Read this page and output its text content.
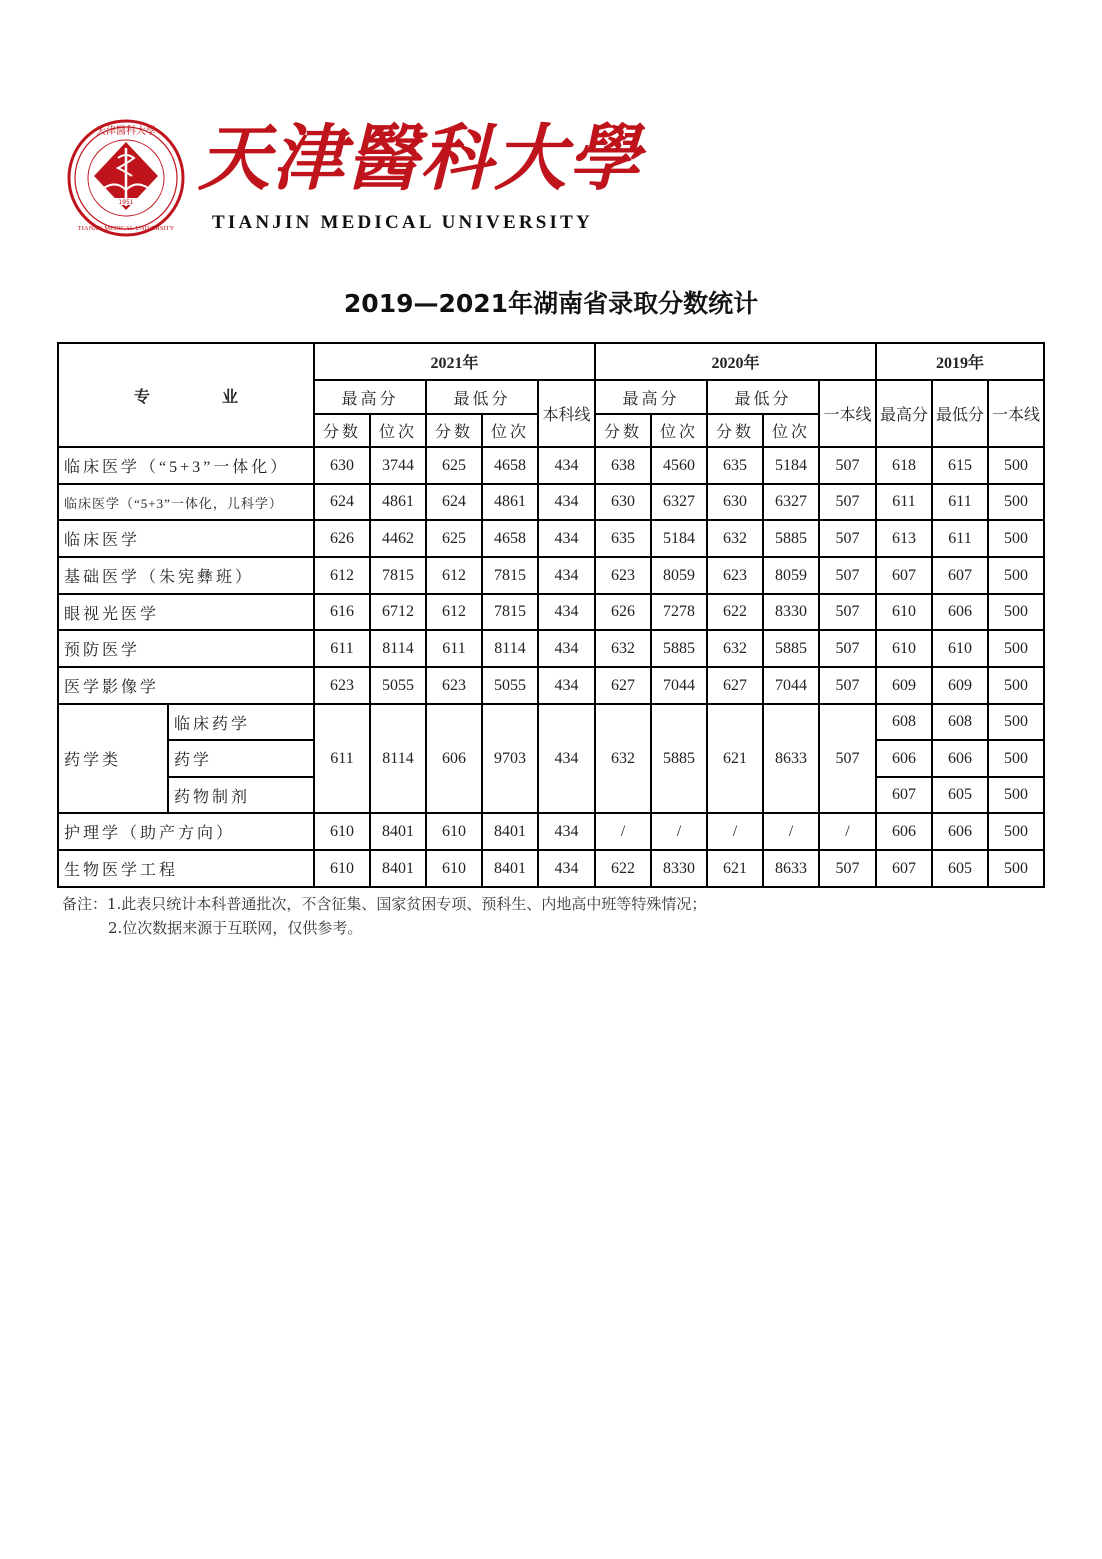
1951
天津醫科大學
TIANJIN MEDICAL UNIVERSITY
天津醫科大學
TIANJIN MEDICAL UNIVERSITY
2019—2021年湖南省录取分数统计
专 业		2021年					2020年					2019年		
		最高分		最低分		本科线	最高分		最低分		一本线	最高分	最低分	一本线
		分数	位次	分数	位次		分数	位次	分数	位次				
临床医学（“5+3”一体化）		630	3744	625	4658	434	638	4560	635	5184	507	618	615	500
临床医学（“5+3”一体化，儿科学）		624	4861	624	4861	434	630	6327	630	6327	507	611	611	500
临床医学		626	4462	625	4658	434	635	5184	632	5885	507	613	611	500
基础医学（朱宪彝班）		612	7815	612	7815	434	623	8059	623	8059	507	607	607	500
眼视光医学		616	6712	612	7815	434	626	7278	622	8330	507	610	606	500
预防医学		611	8114	611	8114	434	632	5885	632	5885	507	610	610	500
医学影像学		623	5055	623	5055	434	627	7044	627	7044	507	609	609	500
药学类	临床药学	611	8114	606	9703	434	632	5885	621	8633	507	608	608	500
	药学											606	606	500
	药物制剂											607	605	500
护理学（助产方向）		610	8401	610	8401	434	/	/	/	/	/	606	606	500
生物医学工程		610	8401	610	8401	434	622	8330	621	8633	507	607	605	500
备注：1.此表只统计本科普通批次，不含征集、国家贫困专项、预科生、内地高中班等特殊情况；
2.位次数据来源于互联网，仅供参考。
